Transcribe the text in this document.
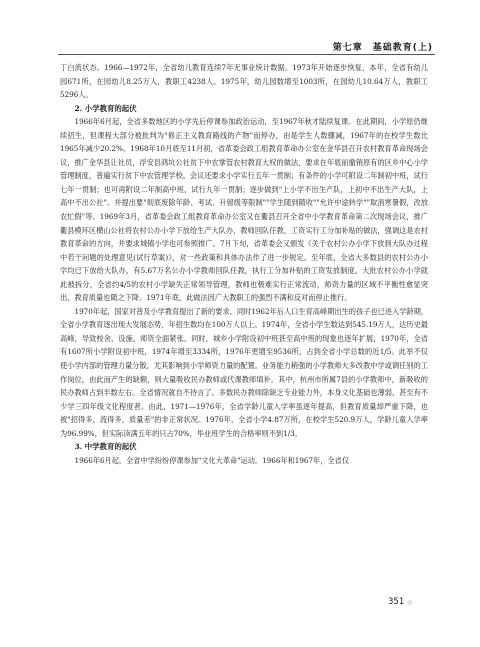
第七章　基础教育(上)

丁白流状态。1966—1972年，全省幼儿教育连续7年无事业统计数据。1973年开始逐步恢复，本年，全省有幼儿园671所，在园幼儿8.25万人，教职工4238人。1975年，幼儿园数增至1003所，在园幼儿10.64万人，教职工5296人。

2. 小学教育的起伏

1966年6月起，全省多数地区的小学先后停课参加政治运动，至1967年秋才陆续复课。在此期间，小学原仍继续招生，但课程大部分被批判为"修正主义教育路线的产物"而停办，由是学生人数骤减，1967年的在校学生数比1965年减少20.2%。1968年10月底至11月初，省革委会政工组教育革命办公室在金华县召开农村教育革命现场会议，推广金华县让社员，浮安县鸿坑公社贫下中农掌管农村教育大权的做法，要求在年底前撤销原有的区乡中心小学管理制度，普遍实行贫下中农管理学校。会议还要求小学实行五年一贯制；有条件的小学可附设二年制初中班，试行七年一贯制；也可再附设二年制高中班，试行九年一贯制；逐步做到"上小学不出生产队，上初中不出生产大队，上高中不出公社"。并提出要"彻底废除年龄、考试、升留级等限制""学生随到随收""允许中途转学""取消寒暑假，改放农忙假"等。1969年3月，省革委会政工组教育革命办公室又在衢县召开全省中小学教育革命第二次现场会议，推广衢县模环区横山公社将农村公办小学下放给生产大队办，教师回队任教，工资实行工分加补贴的做法，强调这是农村教育革命的方向，并要求城镇小学也可参照推广。7月下旬，省革委会又颁发《关于农村公办小学下放到大队办过程中若干问题的处理意见(试行草案)》，对一些政策和具体办法作了进一步规定。至年底，全省大多数县的农村公办小学均已下放给大队办，有5.67万名公办小学教师回队任教，执行工分加补贴的工资发放制度。大批农村公办小学就此被拆分，全省约4/5的农村小学缺失正常领导管理，教师也极难实行正常流动，师资力量的区域不平衡性愈显突出，教育质量也随之下降。1971年底，此做法因广大教职工的强烈不满和反对而停止推行。

1970年起，国家对普及小学教育提出了新的要求，同时1962年后人口生育高峰期出生的孩子也已进入学龄期，全省小学教育逐出现大发展态势，年招生数均在100万人以上。1974年，全省小学生数达到545.19万人，达历史最高峰，导致校舍、设施、师资全面紧张。同时，城乡小学附设初中班甚至高中班的现象也逐年扩展，1970年，全省有1607所小学附设初中班，1974年增至3334所，1976年更增至9536所，占到全省小学总数的近1/5。此举不仅使小学内部的管理力量分散，尤其影响到小学师资力量的配置。业务能力稍强的小学教师大多改教中学或调任别的工作岗位，由此而产生的缺额，则大量吸收民办教师或代课教师填补。其中，杭州市所属7县的小学教师中，新吸收的民办教师占到半数左右。全省情况就自不待言了。多数民办教师除缺乏专业能力外，本身文化基础也薄弱，甚至有不少学三四年级文化程度者。由此，1971—1976年，全省学龄儿童入学率虽逐年提高，但教育质量却严重下降，也被"招得多、流得多，质量差"的非正常状况。1976年，全省小学4.87万所，在校学生520.9万人，学龄儿童入学率为96.99%，但实际读满五年的只占70%，毕业班学生的合格率则不到1/3。

3. 中学教育的起伏

1966年6月起，全省中学纷纷停课参加"文化大革命"运动。1966年和1967年，全省仅

351 ◎
